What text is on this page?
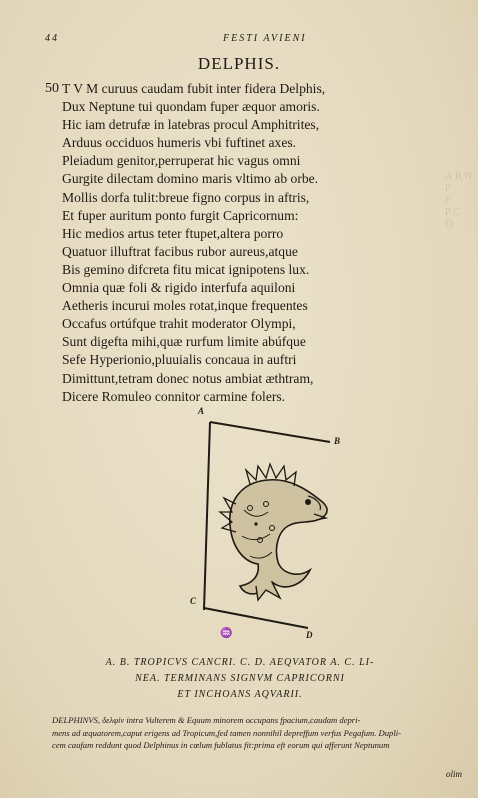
ARN
P
E
PC
D
44	FESTI AVIENI
DELPHIS.
50 T V M curuus caudam fubit inter fidera Delphis,
Dux Neptune tui quondam fuper æquor amoris.
Hic iam detrufæ in latebras procul Amphitrites,
Arduus occiduos humeris vbi fuftinet axes.
Pleiadum genitor,perruperat hic vagus omni
Gurgite dilectam domino maris vltimo ab orbe.
Mollis dorfa tulit:breue figno corpus in aftris,
Et fuper auritum ponto furgit Capricornum:
Hic medios artus teter ftupet,altera porro
Quatuor illuftrat facibus rubor aureus,atque
Bis gemino difcreta fitu micat ignipotens lux.
Omnia quæ foli & rigido interfufa aquiloni
Aetheris incurui moles rotat,inque frequentes
Occafus ortúfque trahit moderator Olympi,
Sunt digefta mihi,quæ rurfum limite abúfque
Sefe Hyperionio,pluuialis concaua in auftri
Dimittunt,tetram donec notus ambiat æthtram,
Dicere Romuleo connitor carmine folers.
A
B
C
D
♒
A. B. TROPICVS CANCRI. C. D. AEQVATOR A. C. LI-
NEA. TERMINANS SIGNVM CAPRICORNI
ET INCHOANS AQVARII.
DELPHINVS, δελφίν intra Vulterem & Equum minorem occupans fpacium,caudam depri-
mens ad æquatorem,caput erigens ad Tropicum,fed tamen nonnihil depreffum verfus Pegafum. Dupli-
cem caufam reddunt quod Delphinus in cœlum fublatus fit:prima eft eorum qui afferunt Neptunum
olim
